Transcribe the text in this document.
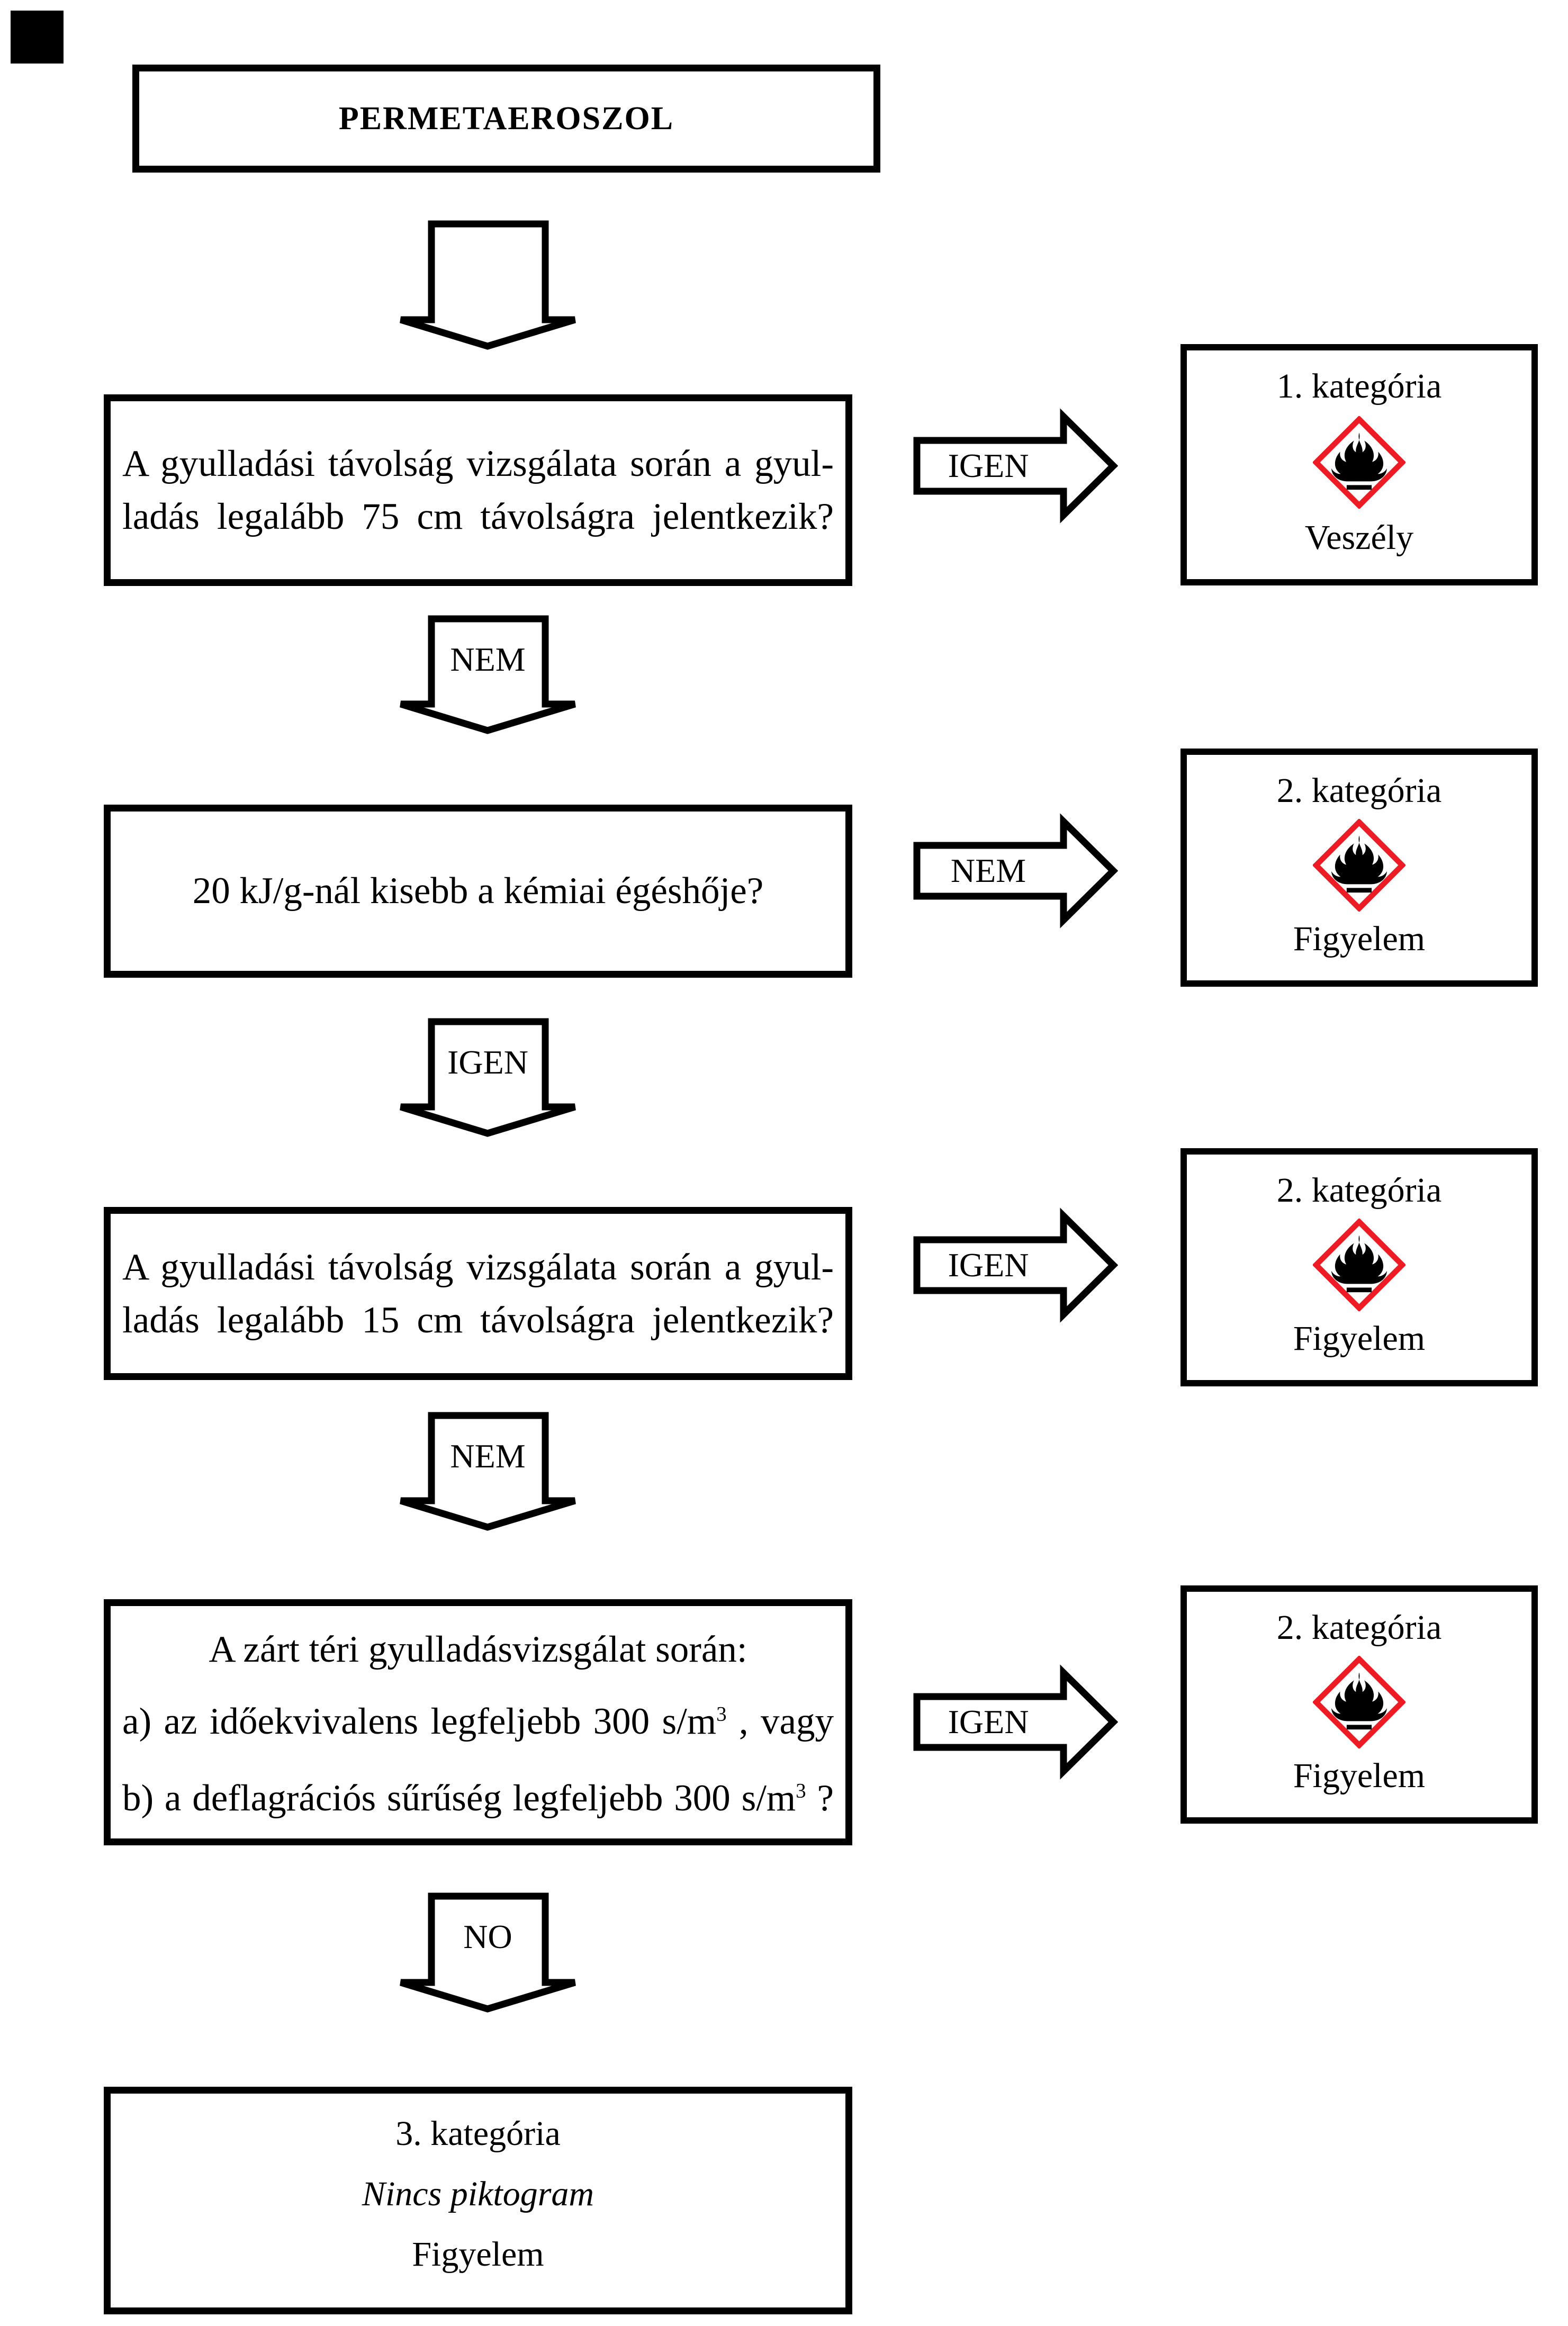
PERMETAEROSZOL
A gyulladási távolság vizsgálata során a gyul-
ladás legalább 75 cm távolságra jelentkezik?
IGEN
1. kategória
Veszély
NEM
20 kJ/g-nál kisebb a kémiai égéshője?	NEM
2. kategória
Figyelem
IGEN
A gyulladási távolság vizsgálata során a gyul-
ladás legalább 15 cm távolságra jelentkezik?
IGEN
2. kategória
Figyelem
NEM
A zárt téri gyulladásvizsgálat során:
a) az időekvivalens legfeljebb 300 $s/m^3$ , vagy
b) a deflagrációs sűrűség legfeljebb 300 $s/m^3$ ?
IGEN
2. kategória
Figyelem
NO
3. kategória
Nincs piktogram
Figyelem
